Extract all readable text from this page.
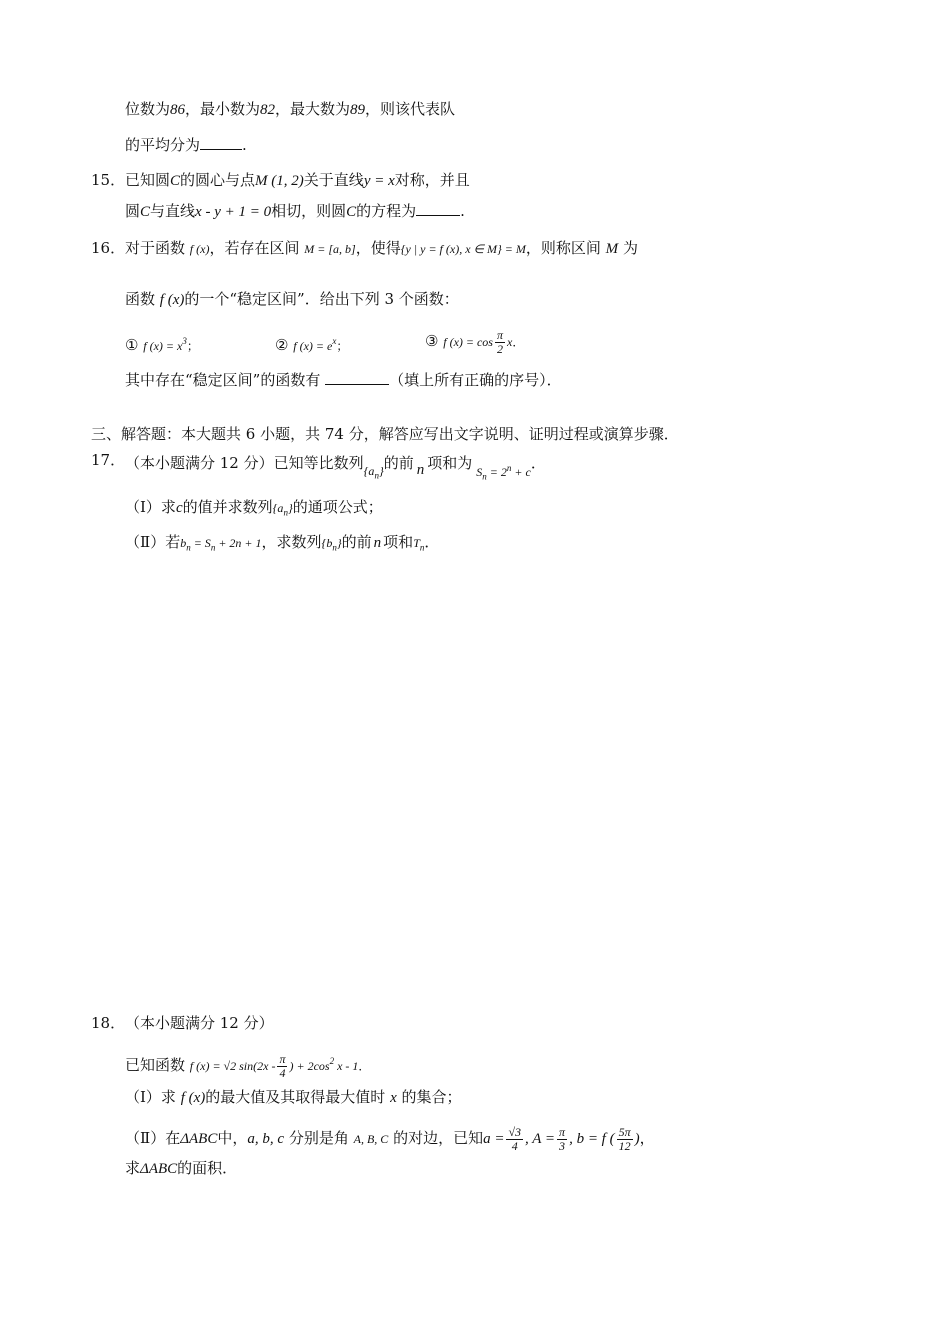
位数为86，最小数为82，最大数为89，则该代表队
的平均分为	.
15． 已知圆C的圆心与点M (1, 2)关于直线y = x对称，并且
圆C与直线x - y + 1 = 0相切，则圆C的方程为	.
16． 对于函数 f (x)，若存在区间 M = [a, b]，使得{y | y = f (x), x ∈ M} = M，则称区间 M 为
函数 f (x)的一个“稳定区间”．给出下列 3 个函数：
① f $(x) = x^3$；	② f $(x) = e^x$；	③ f $(x) = \cos \frac{\pi}{2}$ x．
其中存在“稳定区间”的函数有	（填上所有正确的序号）．
三、解答题：本大题共 6 小题，共 74 分，解答应写出文字说明、证明过程或演算步骤．
17． （本小题满分 12 分）已知等比数列$_{\{a_n\}}$的前 n 项和为 $_{S_n = 2^n + c}$．
（Ⅰ）求c的值并求数列$\{a_n\}$的通项公式；
（Ⅱ）若$b_n = S_n + 2n + 1$，求数列$\{b_n\}$的前 n 项和$T_n$．
18． （本小题满分 12 分）
已知函数 f (x) = √2 $\sin(2x - \frac{\pi}{4}$ ) + $2\cos^2$ x - 1．
（Ⅰ）求 f (x)的最大值及其取得最大值时 x 的集合；
（Ⅱ）在ΔABC中，a, b, c 分别是角 A, B, C 的对边，已知$a = \frac{√3}{4}$ , $A = \frac{\pi}{3}$ , b = f ( $\frac{5\pi}{12}$ )，
求ΔABC的面积．
